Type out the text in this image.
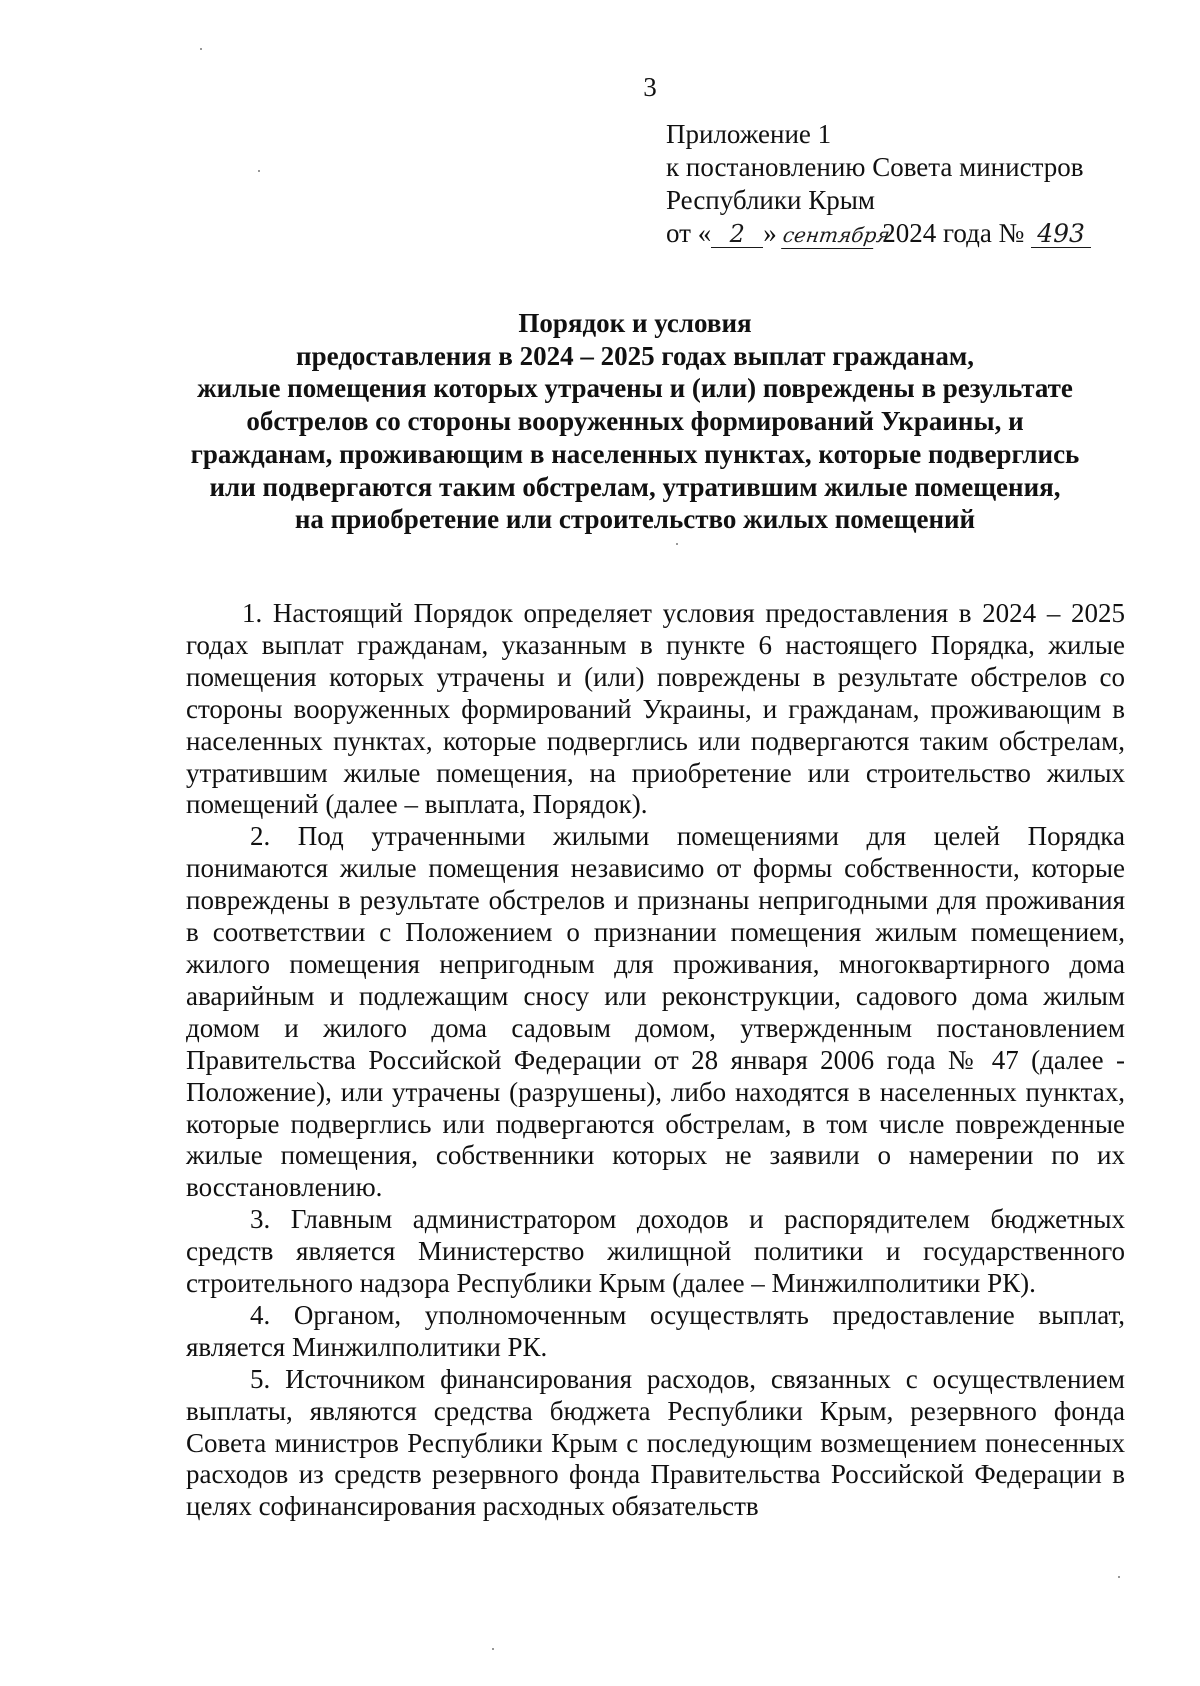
3
Приложение 1
к постановлению Совета министров
Республики Крым
от « 2 » сентября 2024 года № 493
Порядок и условия
предоставления в 2024 – 2025 годах выплат гражданам,
жилые помещения которых утрачены и (или) повреждены в результате
обстрелов со стороны вооруженных формирований Украины, и
гражданам, проживающим в населенных пунктах, которые подверглись
или подвергаются таким обстрелам, утратившим жилые помещения,
на приобретение или строительство жилых помещений

1. Настоящий Порядок определяет условия предоставления в 2024 – 2025 годах выплат гражданам, указанным в пункте 6 настоящего Порядка, жилые помещения которых утрачены и (или) повреждены в результате обстрелов со стороны вооруженных формирований Украины, и гражданам, проживающим в населенных пунктах, которые подверглись или подвергаются таким обстрелам, утратившим жилые помещения, на приобретение или строительство жилых помещений (далее – выплата, Порядок).

2. Под утраченными жилыми помещениями для целей Порядка понимаются жилые помещения независимо от формы собственности, которые повреждены в результате обстрелов и признаны непригодными для проживания в соответствии с Положением о признании помещения жилым помещением, жилого помещения непригодным для проживания, многоквартирного дома аварийным и подлежащим сносу или реконструкции, садового дома жилым домом и жилого дома садовым домом, утвержденным постановлением Правительства Российской Федерации от 28 января 2006 года № 47 (далее - Положение), или утрачены (разрушены), либо находятся в населенных пунктах, которые подверглись или подвергаются обстрелам, в том числе поврежденные жилые помещения, собственники которых не заявили о намерении по их восстановлению.

3. Главным администратором доходов и распорядителем бюджетных средств является Министерство жилищной политики и государственного строительного надзора Республики Крым (далее – Минжилполитики РК).

4. Органом, уполномоченным осуществлять предоставление выплат, является Минжилполитики РК.

5. Источником финансирования расходов, связанных с осуществлением выплаты, являются средства бюджета Республики Крым, резервного фонда Совета министров Республики Крым с последующим возмещением понесенных расходов из средств резервного фонда Правительства Российской Федерации в целях софинансирования расходных обязательств
